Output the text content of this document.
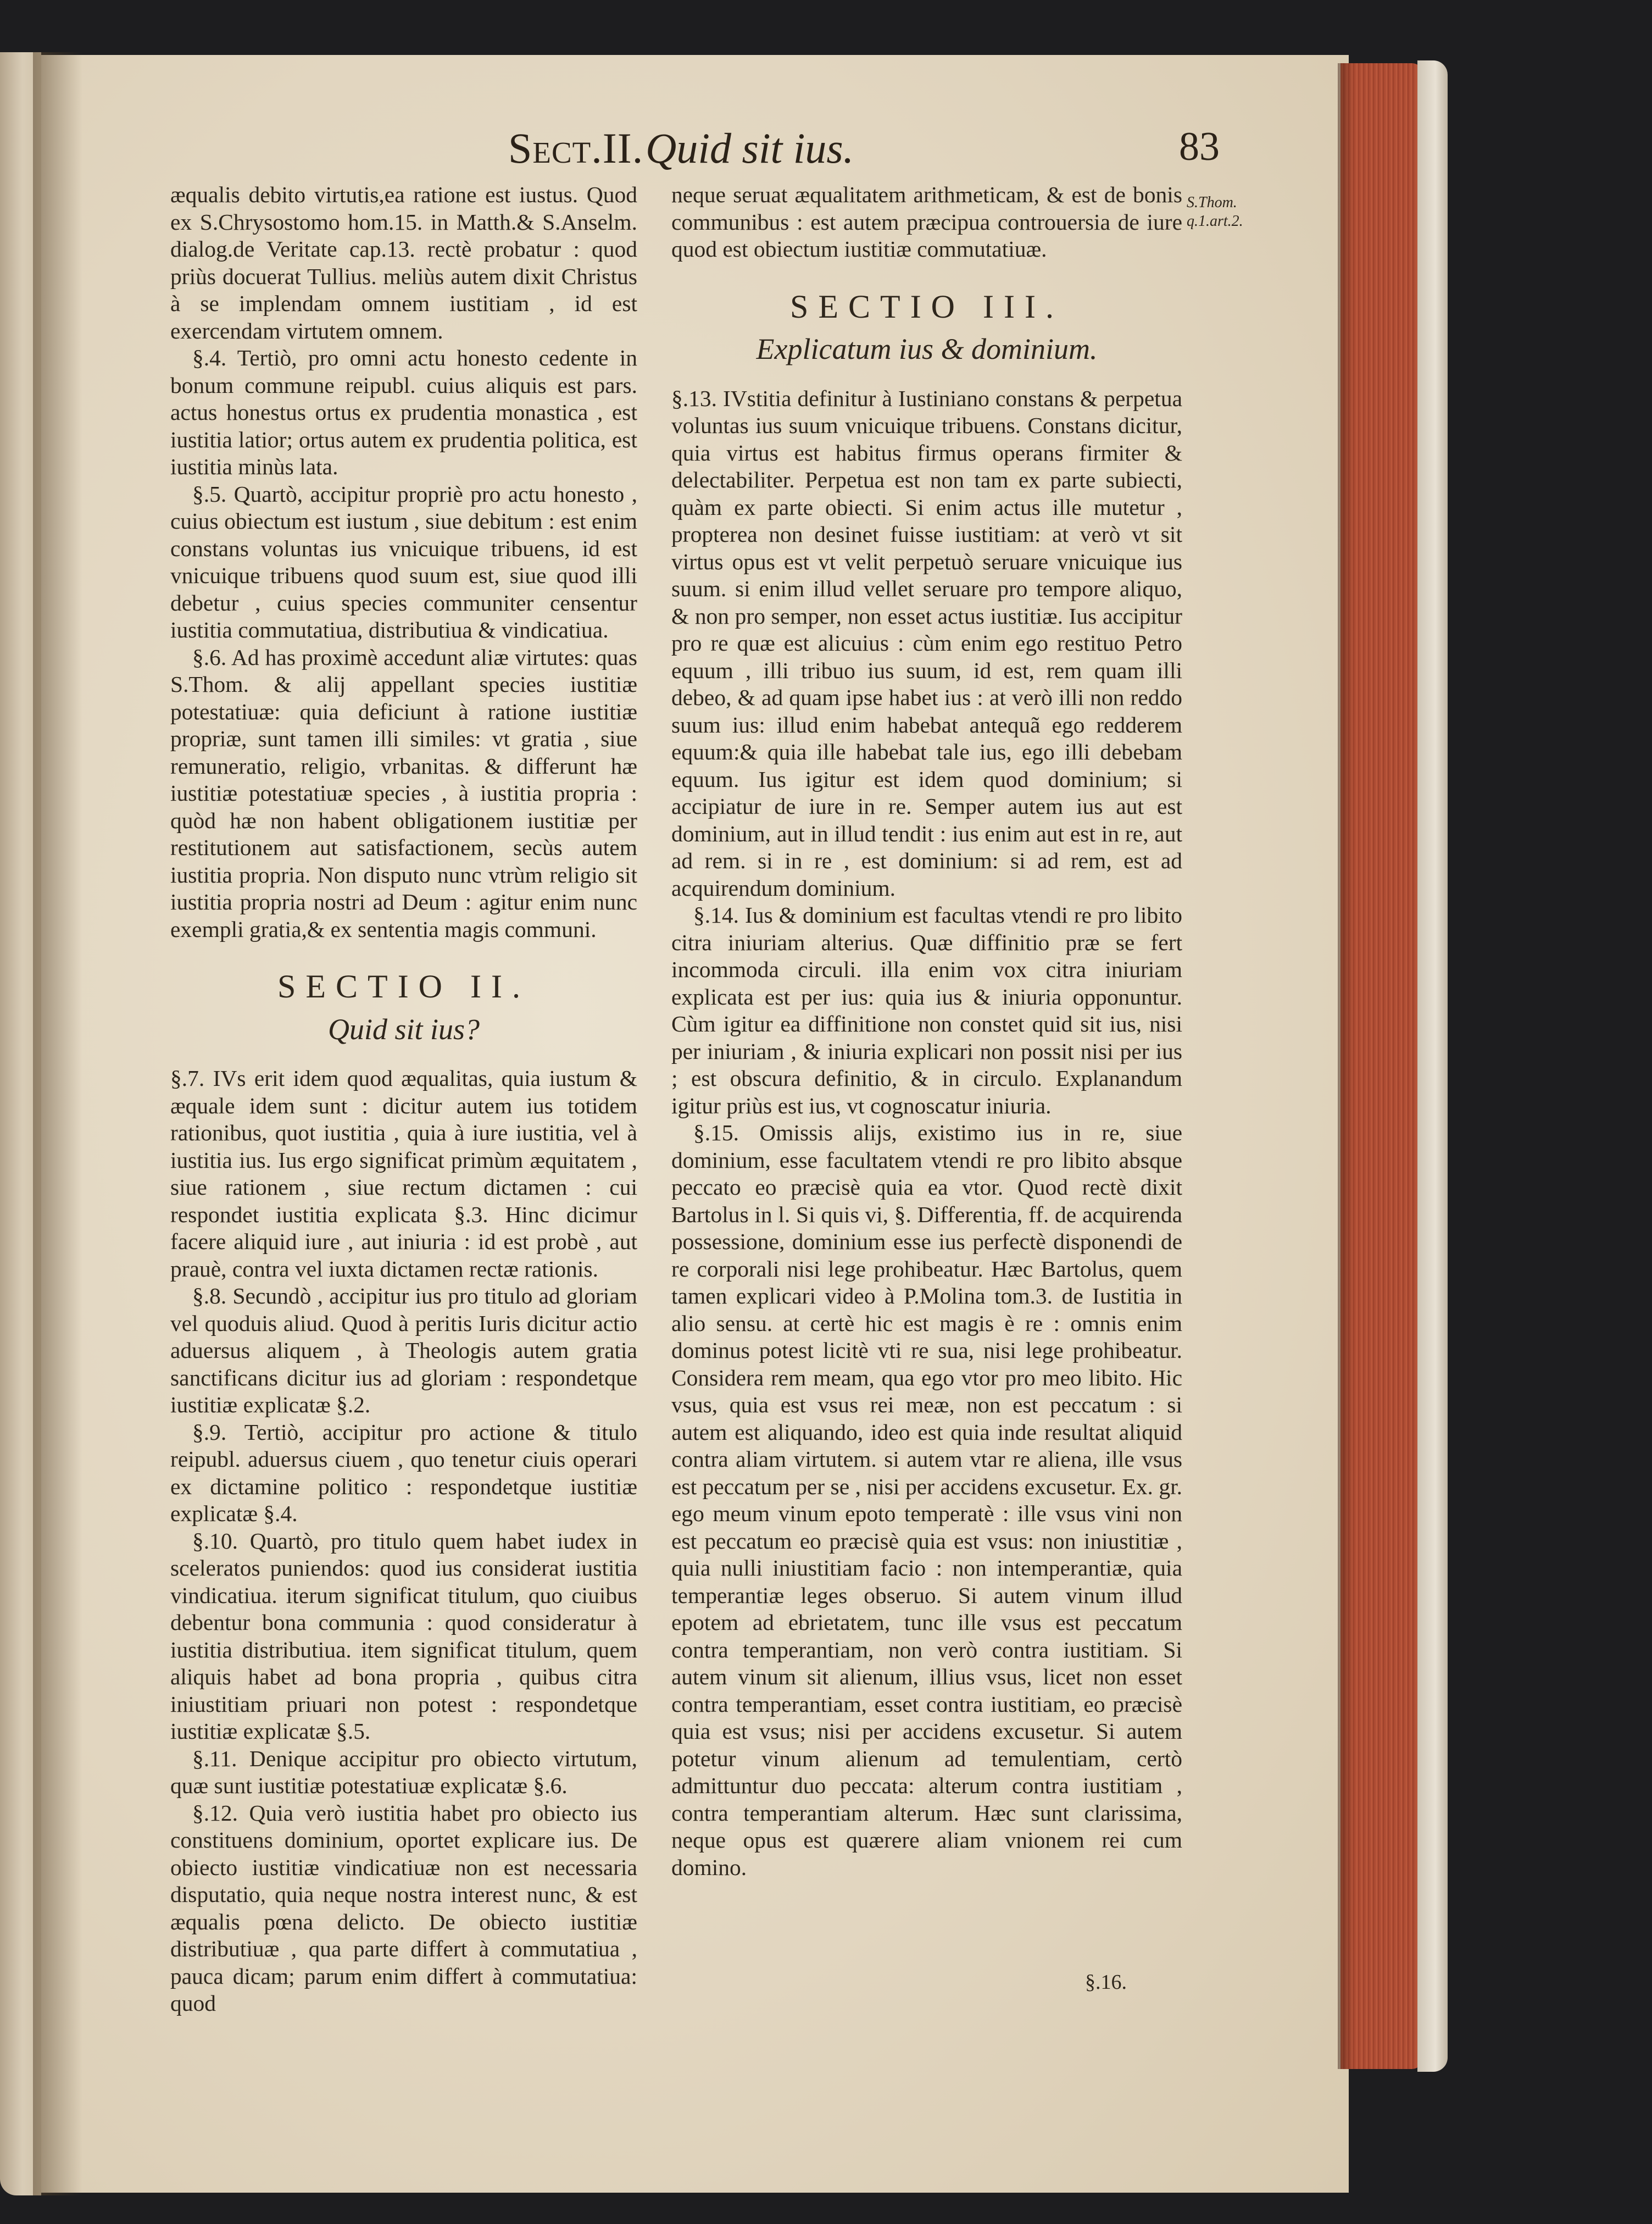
Sect.II. Quid sit ius.	83

æqualis debito virtutis,ea ratione est iustus. Quod ex S.Chrysostomo hom.15. in Matth.& S.Anselm. dialog.de Veritate cap.13. rectè probatur : quod priùs docuerat Tullius. meliùs autem dixit Christus à se implendam omnem iustitiam , id est exercendam virtutem omnem.

§.4. Tertiò, pro omni actu honesto cedente in bonum commune reipubl. cuius aliquis est pars. actus honestus ortus ex prudentia monastica , est iustitia latior; ortus autem ex prudentia politica, est iustitia minùs lata.

§.5. Quartò, accipitur propriè pro actu honesto , cuius obiectum est iustum , siue debitum : est enim constans voluntas ius vnicuique tribuens, id est vnicuique tribuens quod suum est, siue quod illi debetur , cuius species communiter censentur iustitia commutatiua, distributiua & vindicatiua.

§.6. Ad has proximè accedunt aliæ virtutes: quas S.Thom. & alij appellant species iustitiæ potestatiuæ: quia deficiunt à ratione iustitiæ propriæ, sunt tamen illi similes: vt gratia , siue remuneratio, religio, vrbanitas. & differunt hæ iustitiæ potestatiuæ species , à iustitia propria : quòd hæ non habent obligationem iustitiæ per restitutionem aut satisfactionem, secùs autem iustitia propria. Non disputo nunc vtrùm religio sit iustitia propria nostri ad Deum : agitur enim nunc exempli gratia,& ex sententia magis communi.

SECTIO II.
Quid sit ius?

§.7. IVs erit idem quod æqualitas, quia iustum & æquale idem sunt : dicitur autem ius totidem rationibus, quot iustitia , quia à iure iustitia, vel à iustitia ius. Ius ergo significat primùm æquitatem , siue rationem , siue rectum dictamen : cui respondet iustitia explicata §.3. Hinc dicimur facere aliquid iure , aut iniuria : id est probè , aut prauè, contra vel iuxta dictamen rectæ rationis.

§.8. Secundò , accipitur ius pro titulo ad gloriam vel quoduis aliud. Quod à peritis Iuris dicitur actio aduersus aliquem , à Theologis autem gratia sanctificans dicitur ius ad gloriam : respondetque iustitiæ explicatæ §.2.

§.9. Tertiò, accipitur pro actione & titulo reipubl. aduersus ciuem , quo tenetur ciuis operari ex dictamine politico : respondetque iustitiæ explicatæ §.4.

§.10. Quartò, pro titulo quem habet iudex in sceleratos puniendos: quod ius considerat iustitia vindicatiua. iterum significat titulum, quo ciuibus debentur bona communia : quod consideratur à iustitia distributiua. item significat titulum, quem aliquis habet ad bona propria , quibus citra iniustitiam priuari non potest : respondetque iustitiæ explicatæ §.5.

§.11. Denique accipitur pro obiecto virtutum, quæ sunt iustitiæ potestatiuæ explicatæ §.6.

§.12. Quia verò iustitia habet pro obiecto ius constituens dominium, oportet explicare ius. De obiecto iustitiæ vindicatiuæ non est necessaria disputatio, quia neque nostra interest nunc, & est æqualis pœna delicto. De obiecto iustitiæ distributiuæ , qua parte differt à commutatiua , pauca dicam; parum enim differt à commutatiua: quod

neque seruat æqualitatem arithmeticam, & est de bonis communibus : est autem præcipua controuersia de iure quod est obiectum iustitiæ commutatiuæ.

SECTIO III.
Explicatum ius & dominium.

§.13. IVstitia definitur à Iustiniano constans & perpetua voluntas ius suum vnicuique tribuens. Constans dicitur, quia virtus est habitus firmus operans firmiter & delectabiliter. Perpetua est non tam ex parte subiecti, quàm ex parte obiecti. Si enim actus ille mutetur , propterea non desinet fuisse iustitiam: at verò vt sit virtus opus est vt velit perpetuò seruare vnicuique ius suum. si enim illud vellet seruare pro tempore aliquo, & non pro semper, non esset actus iustitiæ. Ius accipitur pro re quæ est alicuius : cùm enim ego restituo Petro equum , illi tribuo ius suum, id est, rem quam illi debeo, & ad quam ipse habet ius : at verò illi non reddo suum ius: illud enim habebat antequã ego redderem equum:& quia ille habebat tale ius, ego illi debebam equum. Ius igitur est idem quod dominium; si accipiatur de iure in re. Semper autem ius aut est dominium, aut in illud tendit : ius enim aut est in re, aut ad rem. si in re , est dominium: si ad rem, est ad acquirendum dominium.

§.14. Ius & dominium est facultas vtendi re pro libito citra iniuriam alterius. Quæ diffinitio præ se fert incommoda circuli. illa enim vox citra iniuriam explicata est per ius: quia ius & iniuria opponuntur. Cùm igitur ea diffinitione non constet quid sit ius, nisi per iniuriam , & iniuria explicari non possit nisi per ius ; est obscura definitio, & in circulo. Explanandum igitur priùs est ius, vt cognoscatur iniuria.

§.15. Omissis alijs, existimo ius in re, siue dominium, esse facultatem vtendi re pro libito absque peccato eo præcisè quia ea vtor. Quod rectè dixit Bartolus in l. Si quis vi, §. Differentia, ff. de acquirenda possessione, dominium esse ius perfectè disponendi de re corporali nisi lege prohibeatur. Hæc Bartolus, quem tamen explicari video à P.Molina tom.3. de Iustitia in alio sensu. at certè hic est magis è re : omnis enim dominus potest licitè vti re sua, nisi lege prohibeatur. Considera rem meam, qua ego vtor pro meo libito. Hic vsus, quia est vsus rei meæ, non est peccatum : si autem est aliquando, ideo est quia inde resultat aliquid contra aliam virtutem. si autem vtar re aliena, ille vsus est peccatum per se , nisi per accidens excusetur. Ex. gr. ego meum vinum epoto temperatè : ille vsus vini non est peccatum eo præcisè quia est vsus: non iniustitiæ , quia nulli iniustitiam facio : non intemperantiæ, quia temperantiæ leges obseruo. Si autem vinum illud epotem ad ebrietatem, tunc ille vsus est peccatum contra temperantiam, non verò contra iustitiam. Si autem vinum sit alienum, illius vsus, licet non esset contra temperantiam, esset contra iustitiam, eo præcisè quia est vsus; nisi per accidens excusetur. Si autem potetur vinum alienum ad temulentiam, certò admittuntur duo peccata: alterum contra iustitiam , contra temperantiam alterum. Hæc sunt clarissima, neque opus est quærere aliam vnionem rei cum domino.

S.Thom. q.1.art.2.
§.16.
